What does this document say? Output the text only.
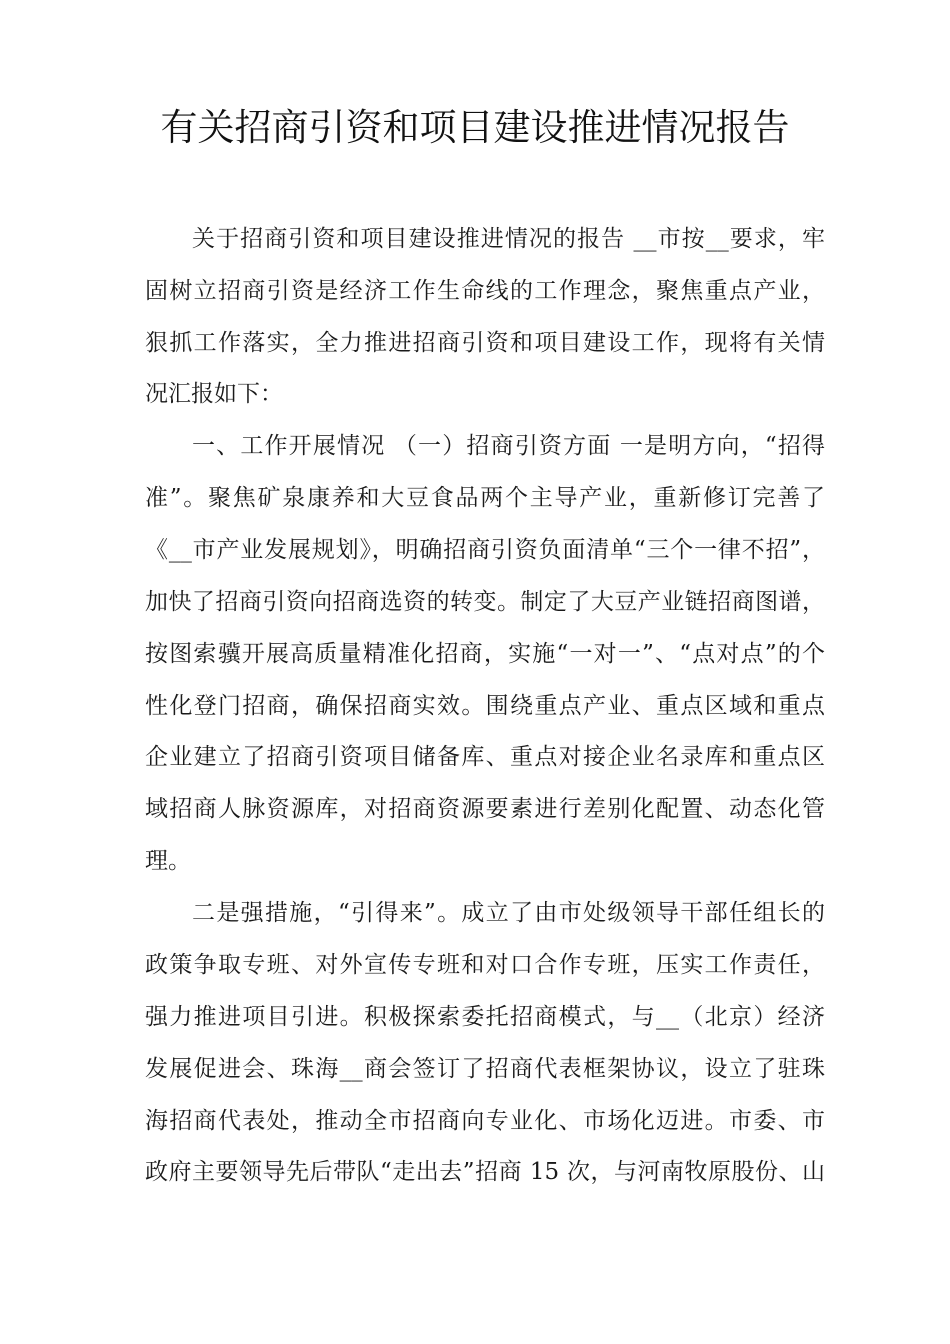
有关招商引资和项目建设推进情况报告

关于招商引资和项目建设推进情况的报告 __市按__要求，牢

固树立招商引资是经济工作生命线的工作理念，聚焦重点产业，

狠抓工作落实，全力推进招商引资和项目建设工作，现将有关情

况汇报如下：

一、工作开展情况 （一）招商引资方面 一是明方向，“招得

准”。聚焦矿泉康养和大豆食品两个主导产业，重新修订完善了

《__市产业发展规划》，明确招商引资负面清单“三个一律不招”，

加快了招商引资向招商选资的转变。制定了大豆产业链招商图谱，

按图索骥开展高质量精准化招商，实施“一对一”、“点对点”的个

性化登门招商，确保招商实效。围绕重点产业、重点区域和重点

企业建立了招商引资项目储备库、重点对接企业名录库和重点区

域招商人脉资源库，对招商资源要素进行差别化配置、动态化管

理。

二是强措施，“引得来”。成立了由市处级领导干部任组长的

政策争取专班、对外宣传专班和对口合作专班，压实工作责任，

强力推进项目引进。积极探索委托招商模式，与__（北京）经济

发展促进会、珠海__商会签订了招商代表框架协议，设立了驻珠

海招商代表处，推动全市招商向专业化、市场化迈进。市委、市

政府主要领导先后带队“走出去”招商 15 次，与河南牧原股份、山
